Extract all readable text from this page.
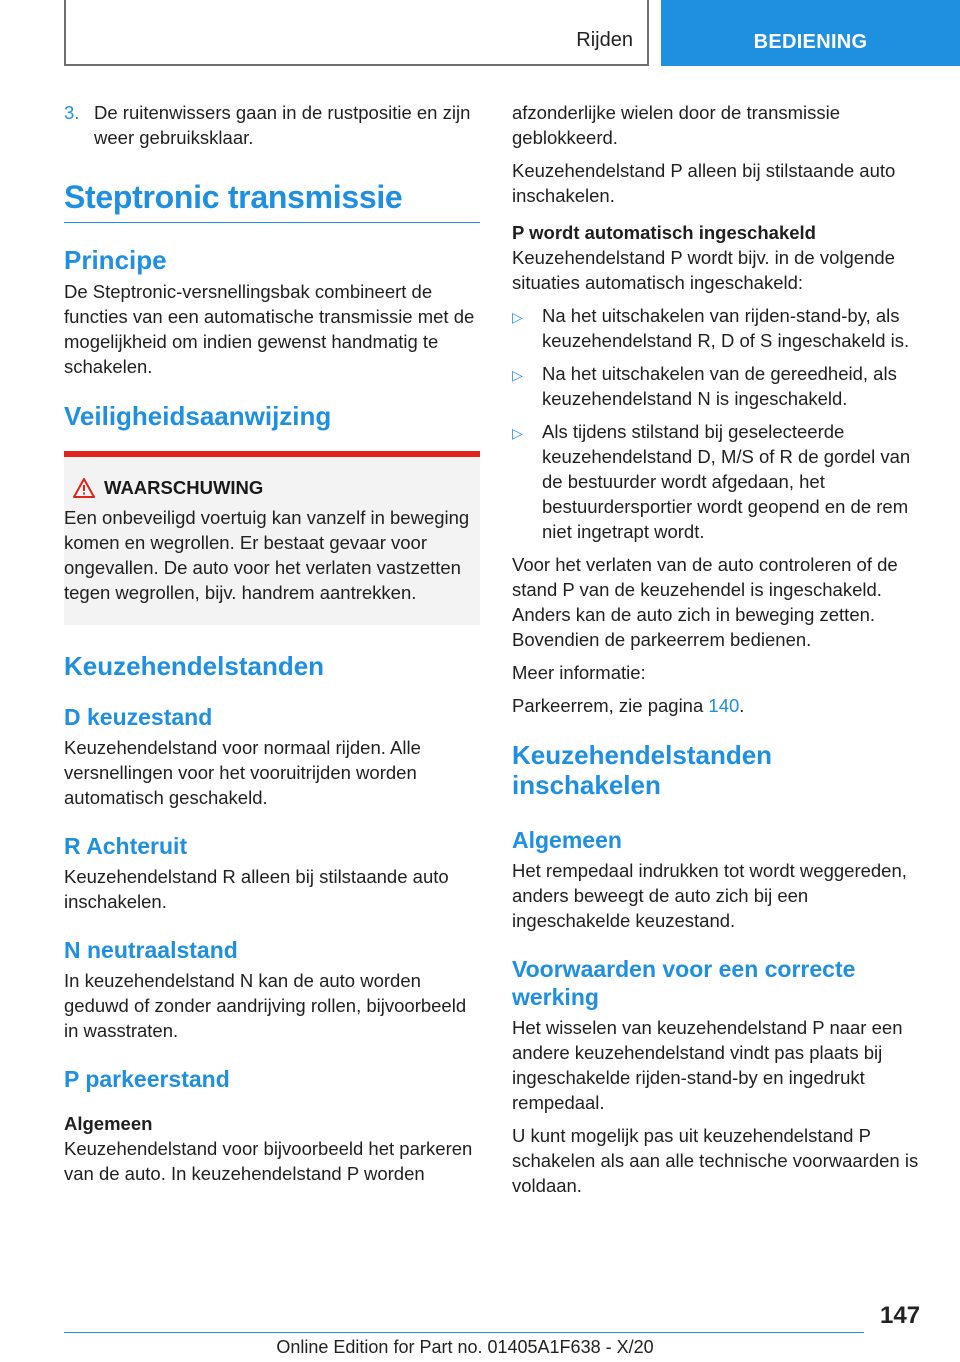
Rijden	BEDIENING
3. De ruitenwissers gaan in de rustpositie en zijn weer gebruiksklaar.
Steptronic transmissie
Principe

De Steptronic-versnellingsbak combineert de functies van een automatische transmissie met de mogelijkheid om indien gewenst handmatig te schakelen.

Veiligheidsaanwijzing
WAARSCHUWING

Een onbeveiligd voertuig kan vanzelf in beweging komen en wegrollen. Er bestaat gevaar voor ongevallen. De auto voor het verlaten vastzetten tegen wegrollen, bijv. handrem aantrekken.

Keuzehendelstanden
D keuzestand

Keuzehendelstand voor normaal rijden. Alle versnellingen voor het vooruitrijden worden automatisch geschakeld.

R Achteruit

Keuzehendelstand R alleen bij stilstaande auto inschakelen.

N neutraalstand

In keuzehendelstand N kan de auto worden geduwd of zonder aandrijving rollen, bijvoorbeeld in wasstraten.

P parkeerstand
Algemeen

Keuzehendelstand voor bijvoorbeeld het parkeren van de auto. In keuzehendelstand P worden

afzonderlijke wielen door de transmissie geblokkeerd.

Keuzehendelstand P alleen bij stilstaande auto inschakelen.

P wordt automatisch ingeschakeld

Keuzehendelstand P wordt bijv. in de volgende situaties automatisch ingeschakeld:

▷	Na het uitschakelen van rijden-stand-by, als keuzehendelstand R, D of S ingeschakeld is.
▷	Na het uitschakelen van de gereedheid, als keuzehendelstand N is ingeschakeld.
▷	Als tijdens stilstand bij geselecteerde keuzehendelstand D, M/S of R de gordel van de bestuurder wordt afgedaan, het bestuurdersportier wordt geopend en de rem niet ingetrapt wordt.

Voor het verlaten van de auto controleren of de stand P van de keuzehendel is ingeschakeld. Anders kan de auto zich in beweging zetten. Bovendien de parkeerrem bedienen.

Meer informatie:

Parkeerrem, zie pagina 140.

Keuzehendelstanden inschakelen
Algemeen

Het rempedaal indrukken tot wordt weggereden, anders beweegt de auto zich bij een ingeschakelde keuzestand.

Voorwaarden voor een correcte werking

Het wisselen van keuzehendelstand P naar een andere keuzehendelstand vindt pas plaats bij ingeschakelde rijden-stand-by en ingedrukt rempedaal.

U kunt mogelijk pas uit keuzehendelstand P schakelen als aan alle technische voorwaarden is voldaan.

147
Online Edition for Part no. 01405A1F638 - X/20
